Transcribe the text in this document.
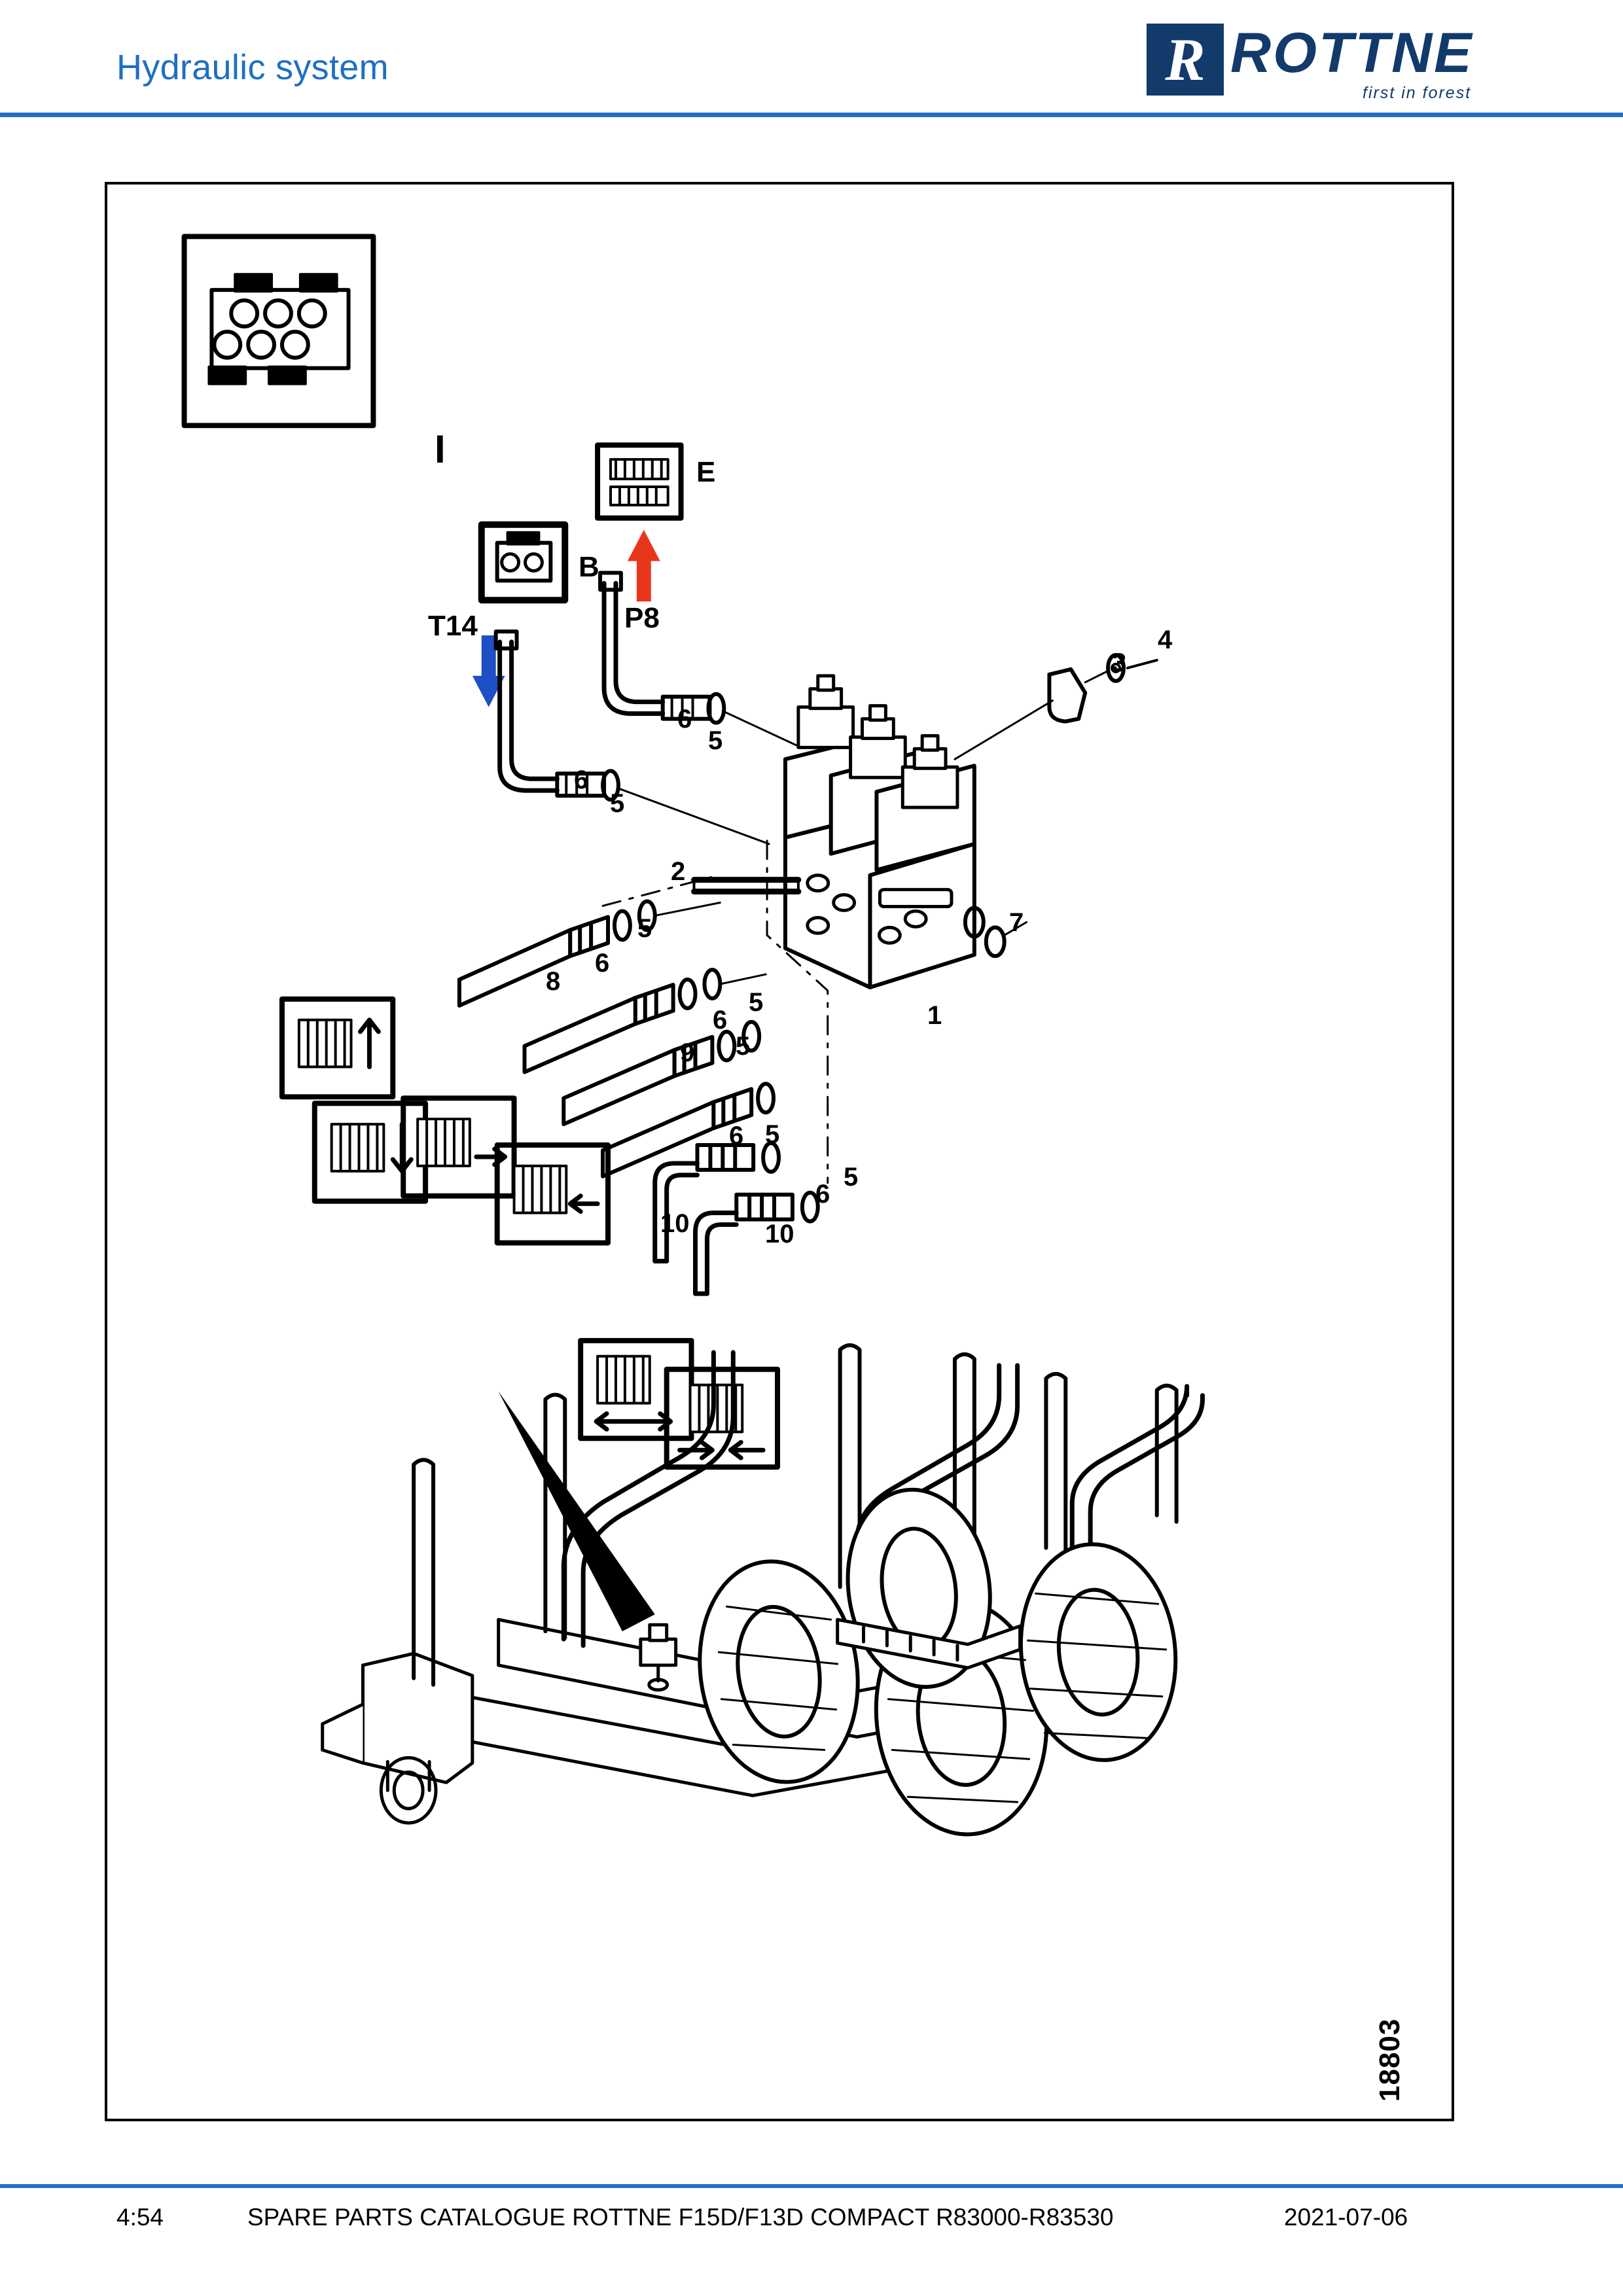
Hydraulic system	R ROTTNE
first in forest
I
E
B
P8
T14
1
2
3
4
5
5
5
5
5
5
5
6
6
6
6
6
6
7
8
9
10	10
18803
4:54	SPARE PARTS CATALOGUE ROTTNE F15D/F13D COMPACT R83000-R83530	2021-07-06
